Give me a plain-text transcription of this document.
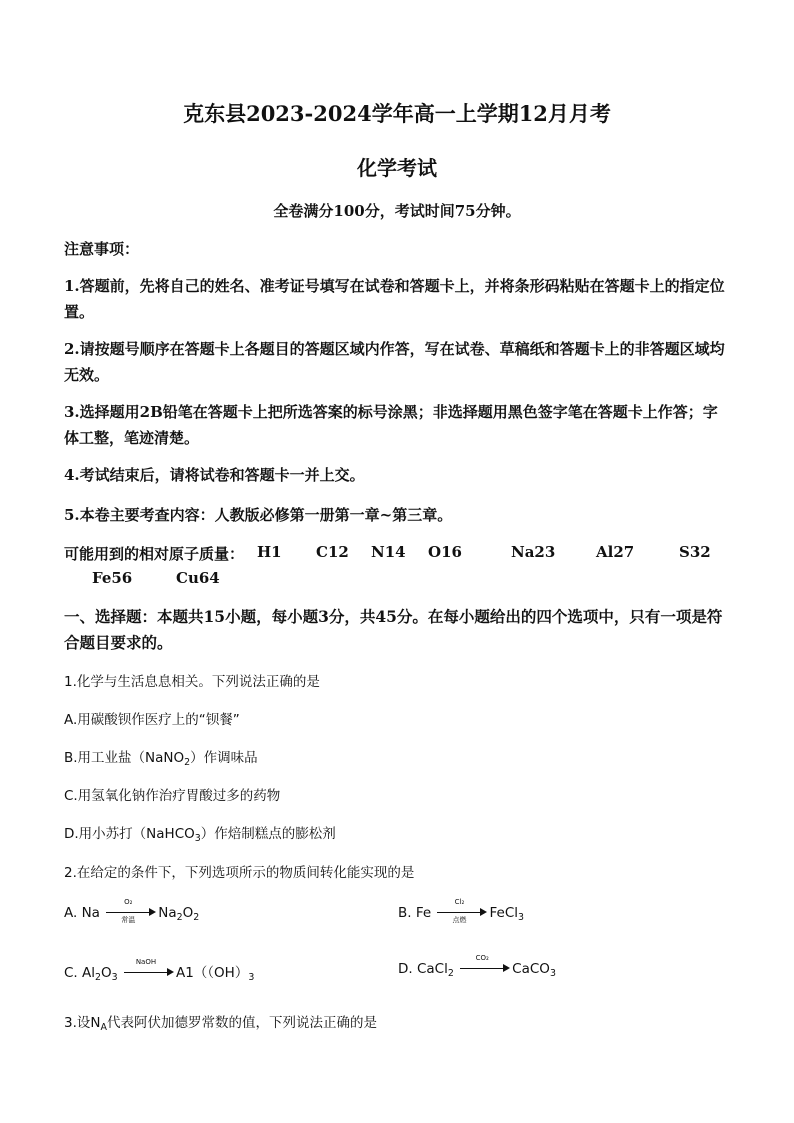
克东县2023-2024学年高一上学期12月月考
化学考试
全卷满分100分，考试时间75分钟。
注意事项：
1.答题前，先将自己的姓名、准考证号填写在试卷和答题卡上，并将条形码粘贴在答题卡上的指定位置。
2.请按题号顺序在答题卡上各题目的答题区域内作答，写在试卷、草稿纸和答题卡上的非答题区域均无效。
3.选择题用2B铅笔在答题卡上把所选答案的标号涂黑；非选择题用黑色签字笔在答题卡上作答；字体工整，笔迹清楚。
4.考试结束后，请将试卷和答题卡一并上交。
5.本卷主要考查内容：人教版必修第一册第一章~第三章。
可能用到的相对原子质量： H1 C12 N14 O16	Na23	Al27	S32
Fe56	Cu64
一、选择题：本题共15小题，每小题3分，共45分。在每小题给出的四个选项中，只有一项是符合题目要求的。
1.化学与生活息息相关。下列说法正确的是
A.用碳酸钡作医疗上的“钡餐”
B.用工业盐（NaNO$_2$）作调味品
C.用氢氧化钠作治疗胃酸过多的药物
D.用小苏打（NaHCO$_3$）作焙制糕点的膨松剂
2.在给定的条件下，下列选项所示的物质间转化能实现的是
A. Na
O₂
常温	$Na_2O_2$	B. Fe
Cl₂
点燃	FeCl$_3$
C. $Al_2O_3$
NaOH
$A1((OH)_3$
D. CaCl$_2$
CO₂
CaCO$_3$
3.设$N_A$代表阿伏加德罗常数的值，下列说法正确的是
